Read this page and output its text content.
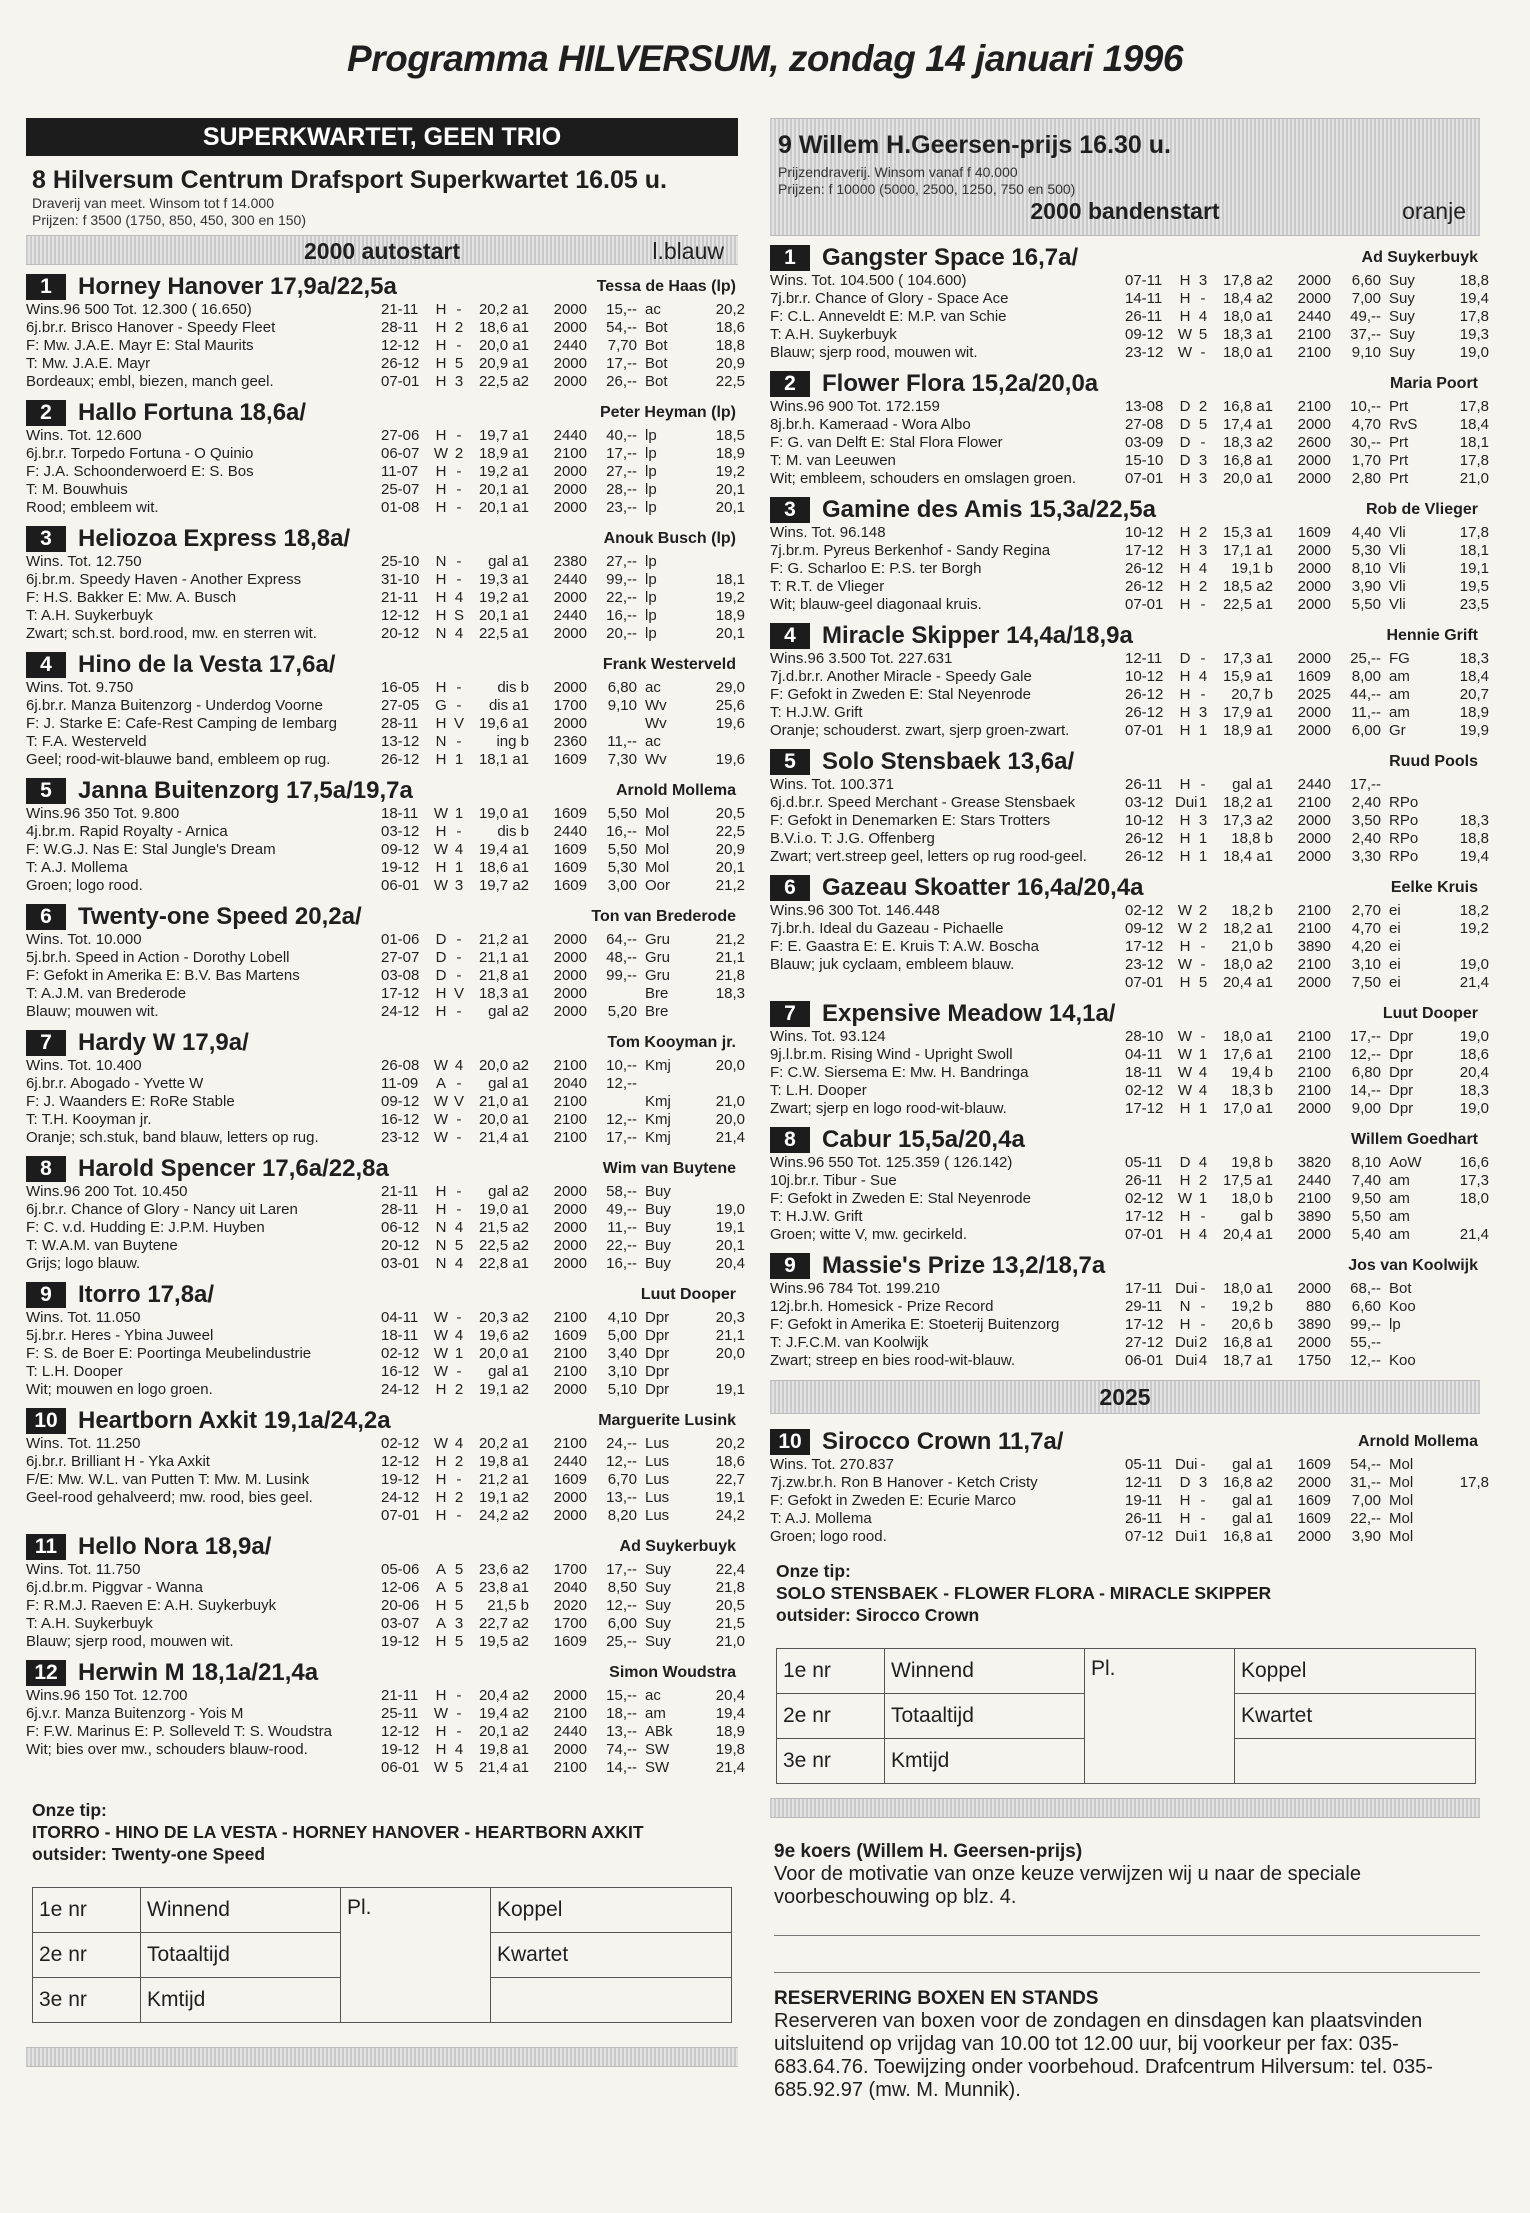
Programma HILVERSUM, zondag 14 januari 1996
SUPERKWARTET, GEEN TRIO
8 Hilversum Centrum Drafsport Superkwartet 16.05 u.
Draverij van meet. Winsom tot f 14.000
Prijzen: f 3500 (1750, 850, 450, 300 en 150)
2000 autostart	l.blauw
1	Horney Hanover 17,9a/22,5a	Tessa de Haas (lp)
Wins.96 500 Tot. 12.300 ( 16.650)
6j.br.r. Brisco Hanover - Speedy Fleet
F: Mw. J.A.E. Mayr E: Stal Maurits
T: Mw. J.A.E. Mayr
Bordeaux; embl, biezen, manch geel.
21-11	H -	20,2 a1	2000	15,-- ac	20,2
28-11	H 2	18,6 a1	2000	54,-- Bot	18,6
12-12	H -	20,0 a1	2440	7,70 Bot	18,8
26-12	H 5	20,9 a1	2000	17,-- Bot	20,9
07-01	H 3	22,5 a2	2000	26,-- Bot	22,5
2	Hallo Fortuna 18,6a/	Peter Heyman (lp)
Wins. Tot. 12.600
6j.br.r. Torpedo Fortuna - O Quinio
F: J.A. Schoonderwoerd E: S. Bos
T: M. Bouwhuis
Rood; embleem wit.
27-06	H -	19,7 a1	2440	40,-- lp	18,5
06-07 W 2	18,9 a1	2100	17,-- lp	18,9
11-07	H -	19,2 a1	2000	27,-- lp	19,2
25-07	H -	20,1 a1	2000	28,-- lp	20,1
01-08	H -	20,1 a1	2000	23,-- lp	20,1
3	Heliozoa Express 18,8a/	Anouk Busch (lp)
Wins. Tot. 12.750
6j.br.m. Speedy Haven - Another Express
F: H.S. Bakker E: Mw. A. Busch
T: A.H. Suykerbuyk
Zwart; sch.st. bord.rood, mw. en sterren wit.
25-10	N -	gal a1	2380	27,-- lp
31-10	H -	19,3 a1	2440	99,-- lp	18,1
21-11	H 4	19,2 a1	2000	22,-- lp	19,2
12-12	H S 20,1 a1	2440	16,-- lp	18,9
20-12	N 4	22,5 a1	2000	20,-- lp	20,1
4	Hino de la Vesta 17,6a/	Frank Westerveld
Wins. Tot. 9.750
6j.br.r. Manza Buitenzorg - Underdog Voorne
F: J. Starke E: Cafe-Rest Camping de Iembarg
T: F.A. Westerveld
Geel; rood-wit-blauwe band, embleem op rug.
16-05	H -	dis b	2000	6,80 ac	29,0
27-05	G -	dis a1	1700	9,10 Wv	25,6
28-11	H V 19,6 a1	2000	Wv	19,6
13-12	N -	ing b	2360	11,-- ac
26-12	H 1	18,1 a1	1609	7,30 Wv	19,6
5	Janna Buitenzorg 17,5a/19,7a	Arnold Mollema
Wins.96 350 Tot. 9.800
4j.br.m. Rapid Royalty - Arnica
F: W.G.J. Nas E: Stal Jungle's Dream
T: A.J. Mollema
Groen; logo rood.
18-11	W 1	19,0 a1	1609	5,50 Mol	20,5
03-12	H -	dis b	2440	16,-- Mol	22,5
09-12 W 4	19,4 a1	1609	5,50 Mol	20,9
19-12	H 1	18,6 a1	1609	5,30 Mol	20,1
06-01 W 3	19,7 a2	1609	3,00 Oor	21,2
6	Twenty-one Speed 20,2a/	Ton van Brederode
Wins. Tot. 10.000
5j.br.h. Speed in Action - Dorothy Lobell
F: Gefokt in Amerika E: B.V. Bas Martens
T: A.J.M. van Brederode
Blauw; mouwen wit.
01-06	D -	21,2 a1	2000	64,-- Gru	21,2
27-07	D -	21,1 a1	2000	48,-- Gru	21,1
03-08	D -	21,8 a1	2000	99,-- Gru	21,8
17-12	H V 18,3 a1	2000	Bre	18,3
24-12	H -	gal a2	2000	5,20 Bre
7	Hardy W 17,9a/	Tom Kooyman jr.
Wins. Tot. 10.400
6j.br.r. Abogado - Yvette W
F: J. Waanders E: RoRe Stable
T: T.H. Kooyman jr.
Oranje; sch.stuk, band blauw, letters op rug.
26-08 W 4	20,0 a2	2100	10,-- Kmj	20,0
11-09	A -	gal a1	2040	12,--
09-12 W V 21,0 a1	2100	Kmj	21,0
16-12 W -	20,0 a1	2100	12,-- Kmj	20,0
23-12 W -	21,4 a1	2100	17,-- Kmj	21,4
8	Harold Spencer 17,6a/22,8a	Wim van Buytene
Wins.96 200 Tot. 10.450
6j.br.r. Chance of Glory - Nancy uit Laren
F: C. v.d. Hudding E: J.P.M. Huyben
T: W.A.M. van Buytene
Grijs; logo blauw.
21-11	H -	gal a2	2000	58,-- Buy
28-11	H -	19,0 a1	2000	49,-- Buy	19,0
06-12	N 4	21,5 a2	2000	11,-- Buy	19,1
20-12	N 5	22,5 a2	2000	22,-- Buy	20,1
03-01	N 4	22,8 a1	2000	16,-- Buy	20,4
9	Itorro 17,8a/	Luut Dooper
Wins. Tot. 11.050
5j.br.r. Heres - Ybina Juweel
F: S. de Boer E: Poortinga Meubelindustrie
T: L.H. Dooper
Wit; mouwen en logo groen.
04-11	W -	20,3 a2	2100	4,10 Dpr	20,3
18-11	W 4	19,6 a2	1609	5,00 Dpr	21,1
02-12 W 1	20,0 a1	2100	3,40 Dpr	20,0
16-12 W -	gal a1	2100	3,10 Dpr
24-12	H 2	19,1 a2	2000	5,10 Dpr	19,1
10 Heartborn Axkit 19,1a/24,2a	Marguerite Lusink
Wins. Tot. 11.250
6j.br.r. Brilliant H - Yka Axkit
F/E: Mw. W.L. van Putten T: Mw. M. Lusink
Geel-rood gehalveerd; mw. rood, bies geel.
02-12 W 4	20,2 a1	2100	24,-- Lus	20,2
12-12	H 2	19,8 a1	2440	12,-- Lus	18,6
19-12	H -	21,2 a1	1609	6,70 Lus	22,7
24-12	H 2	19,1 a2	2000	13,-- Lus	19,1
07-01	H -	24,2 a2	2000	8,20 Lus	24,2
11 Hello Nora 18,9a/	Ad Suykerbuyk
Wins. Tot. 11.750
6j.d.br.m. Piggvar - Wanna
F: R.M.J. Raeven E: A.H. Suykerbuyk
T: A.H. Suykerbuyk
Blauw; sjerp rood, mouwen wit.
05-06	A 5	23,6 a2	1700	17,-- Suy	22,4
12-06	A 5	23,8 a1	2040	8,50 Suy	21,8
20-06	H 5	21,5 b	2020	12,-- Suy	20,5
03-07	A 3	22,7 a2	1700	6,00 Suy	21,5
19-12	H 5	19,5 a2	1609	25,-- Suy	21,0
12 Herwin M 18,1a/21,4a	Simon Woudstra
Wins.96 150 Tot. 12.700
6j.v.r. Manza Buitenzorg - Yois M
F: F.W. Marinus E: P. Solleveld T: S. Woudstra
Wit; bies over mw., schouders blauw-rood.
21-11	H -	20,4 a2	2000	15,-- ac	20,4
25-11	W -	19,4 a2	2100	18,-- am	19,4
12-12	H -	20,1 a2	2440	13,-- ABk	18,9
19-12	H 4	19,8 a1	2000	74,-- SW	19,8
06-01 W 5	21,4 a1	2100	14,-- SW	21,4
Onze tip:
ITORRO - HINO DE LA VESTA - HORNEY HANOVER - HEARTBORN AXKIT
outsider: Twenty-one Speed
1e nr	Winnend	Pl.	Koppel
2e nr	Totaaltijd		Kwartet
3e nr	Kmtijd		
9 Willem H.Geersen-prijs 16.30 u.
Prijzendraverij. Winsom vanaf f 40.000
Prijzen: f 10000 (5000, 2500, 1250, 750 en 500)
2000 bandenstart	oranje
1	Gangster Space 16,7a/	Ad Suykerbuyk
Wins. Tot. 104.500 ( 104.600)
7j.br.r. Chance of Glory - Space Ace
F: C.L. Anneveldt E: M.P. van Schie
T: A.H. Suykerbuyk
Blauw; sjerp rood, mouwen wit.
07-11	H 3	17,8 a2	2000	6,60 Suy	18,8
14-11	H -	18,4 a2	2000	7,00 Suy	19,4
26-11	H 4	18,0 a1	2440	49,-- Suy	17,8
09-12 W 5	18,3 a1	2100	37,-- Suy	19,3
23-12 W -	18,0 a1	2100	9,10 Suy	19,0
2	Flower Flora 15,2a/20,0a	Maria Poort
Wins.96 900 Tot. 172.159
8j.br.h. Kameraad - Wora Albo
F: G. van Delft E: Stal Flora Flower
T: M. van Leeuwen
Wit; embleem, schouders en omslagen groen.
13-08	D 2	16,8 a1	2100	10,-- Prt	17,8
27-08	D 5	17,4 a1	2000	4,70 RvS	18,4
03-09	D -	18,3 a2	2600	30,-- Prt	18,1
15-10	D 3	16,8 a1	2000	1,70 Prt	17,8
07-01	H 3	20,0 a1	2000	2,80 Prt	21,0
3	Gamine des Amis 15,3a/22,5a	Rob de Vlieger
Wins. Tot. 96.148
7j.br.m. Pyreus Berkenhof - Sandy Regina
F: G. Scharloo E: P.S. ter Borgh
T: R.T. de Vlieger
Wit; blauw-geel diagonaal kruis.
10-12	H 2	15,3 a1	1609	4,40 Vli	17,8
17-12	H 3	17,1 a1	2000	5,30 Vli	18,1
26-12	H 4	19,1 b	2000	8,10 Vli	19,1
26-12	H 2	18,5 a2	2000	3,90 Vli	19,5
07-01	H -	22,5 a1	2000	5,50 Vli	23,5
4	Miracle Skipper 14,4a/18,9a	Hennie Grift
Wins.96 3.500 Tot. 227.631
7j.d.br.r. Another Miracle - Speedy Gale
F: Gefokt in Zweden E: Stal Neyenrode
T: H.J.W. Grift
Oranje; schouderst. zwart, sjerp groen-zwart.
12-11	D -	17,3 a1	2000	25,-- FG	18,3
10-12	H 4	15,9 a1	1609	8,00 am	18,4
26-12	H -	20,7 b	2025	44,-- am	20,7
26-12	H 3	17,9 a1	2000	11,-- am	18,9
07-01	H 1	18,9 a1	2000	6,00 Gr	19,9
5	Solo Stensbaek 13,6a/	Ruud Pools
Wins. Tot. 100.371
6j.d.br.r. Speed Merchant - Grease Stensbaek
F: Gefokt in Denemarken E: Stars Trotters
B.V.i.o. T: J.G. Offenberg
Zwart; vert.streep geel, letters op rug rood-geel.
26-11	H -	gal a1	2440	17,--
03-12 Dui 1	18,2 a1	2100	2,40 RPo
10-12	H 3	17,3 a2	2000	3,50 RPo	18,3
26-12	H 1	18,8 b	2000	2,40 RPo	18,8
26-12	H 1	18,4 a1	2000	3,30 RPo	19,4
6	Gazeau Skoatter 16,4a/20,4a	Eelke Kruis
Wins.96 300 Tot. 146.448
7j.br.h. Ideal du Gazeau - Pichaelle
F: E. Gaastra E: E. Kruis T: A.W. Boscha
Blauw; juk cyclaam, embleem blauw.
02-12 W 2	18,2 b	2100	2,70 ei	18,2
09-12 W 2	18,2 a1	2100	4,70 ei	19,2
17-12	H -	21,0 b	3890	4,20 ei
23-12 W -	18,0 a2	2100	3,10 ei	19,0
07-01	H 5	20,4 a1	2000	7,50 ei	21,4
7	Expensive Meadow 14,1a/	Luut Dooper
Wins. Tot. 93.124
9j.l.br.m. Rising Wind - Upright Swoll
F: C.W. Siersema E: Mw. H. Bandringa
T: L.H. Dooper
Zwart; sjerp en logo rood-wit-blauw.
28-10 W -	18,0 a1	2100	17,-- Dpr	19,0
04-11	W 1	17,6 a1	2100	12,-- Dpr	18,6
18-11	W 4	19,4 b	2100	6,80 Dpr	20,4
02-12 W 4	18,3 b	2100	14,-- Dpr	18,3
17-12	H 1	17,0 a1	2000	9,00 Dpr	19,0
8	Cabur 15,5a/20,4a	Willem Goedhart
Wins.96 550 Tot. 125.359 ( 126.142)
10j.br.r. Tibur - Sue
F: Gefokt in Zweden E: Stal Neyenrode
T: H.J.W. Grift
Groen; witte V, mw. gecirkeld.
05-11	D 4	19,8 b	3820	8,10 AoW	16,6
26-11	H 2	17,5 a1	2440	7,40 am	17,3
02-12 W 1	18,0 b	2100	9,50 am	18,0
17-12	H -	gal b	3890	5,50 am
07-01	H 4	20,4 a1	2000	5,40 am	21,4
9	Massie's Prize 13,2/18,7a	Jos van Koolwijk
Wins.96 784 Tot. 199.210
12j.br.h. Homesick - Prize Record
F: Gefokt in Amerika E: Stoeterij Buitenzorg
T: J.F.C.M. van Koolwijk
Zwart; streep en bies rood-wit-blauw.
17-11 Dui -	18,0 a1	2000	68,-- Bot
29-11	N -	19,2 b	880	6,60 Koo
17-12	H -	20,6 b	3890	99,-- lp
27-12 Dui 2	16,8 a1	2000	55,--
06-01 Dui 4	18,7 a1	1750	12,-- Koo
2025
10 Sirocco Crown 11,7a/	Arnold Mollema
Wins. Tot. 270.837
7j.zw.br.h. Ron B Hanover - Ketch Cristy
F: Gefokt in Zweden E: Ecurie Marco
T: A.J. Mollema
Groen; logo rood.
05-11 Dui -	gal a1	1609	54,-- Mol
12-11	D 3	16,8 a2	2000	31,-- Mol	17,8
19-11	H -	gal a1	1609	7,00 Mol
26-11	H -	gal a1	1609	22,-- Mol
07-12 Dui 1	16,8 a1	2000	3,90 Mol
Onze tip:
SOLO STENSBAEK - FLOWER FLORA - MIRACLE SKIPPER
outsider: Sirocco Crown
1e nr	Winnend	Pl.	Koppel
2e nr	Totaaltijd		Kwartet
3e nr	Kmtijd		
9e koers (Willem H. Geersen-prijs)
Voor de motivatie van onze keuze verwijzen wij u naar de speciale voorbeschouwing op blz. 4.
RESERVERING BOXEN EN STANDS
Reserveren van boxen voor de zondagen en dinsdagen kan plaatsvinden uitsluitend op vrijdag van 10.00 tot 12.00 uur, bij voorkeur per fax: 035-683.64.76. Toewijzing onder voorbehoud. Drafcentrum Hilversum: tel. 035-685.92.97 (mw. M. Munnik).
